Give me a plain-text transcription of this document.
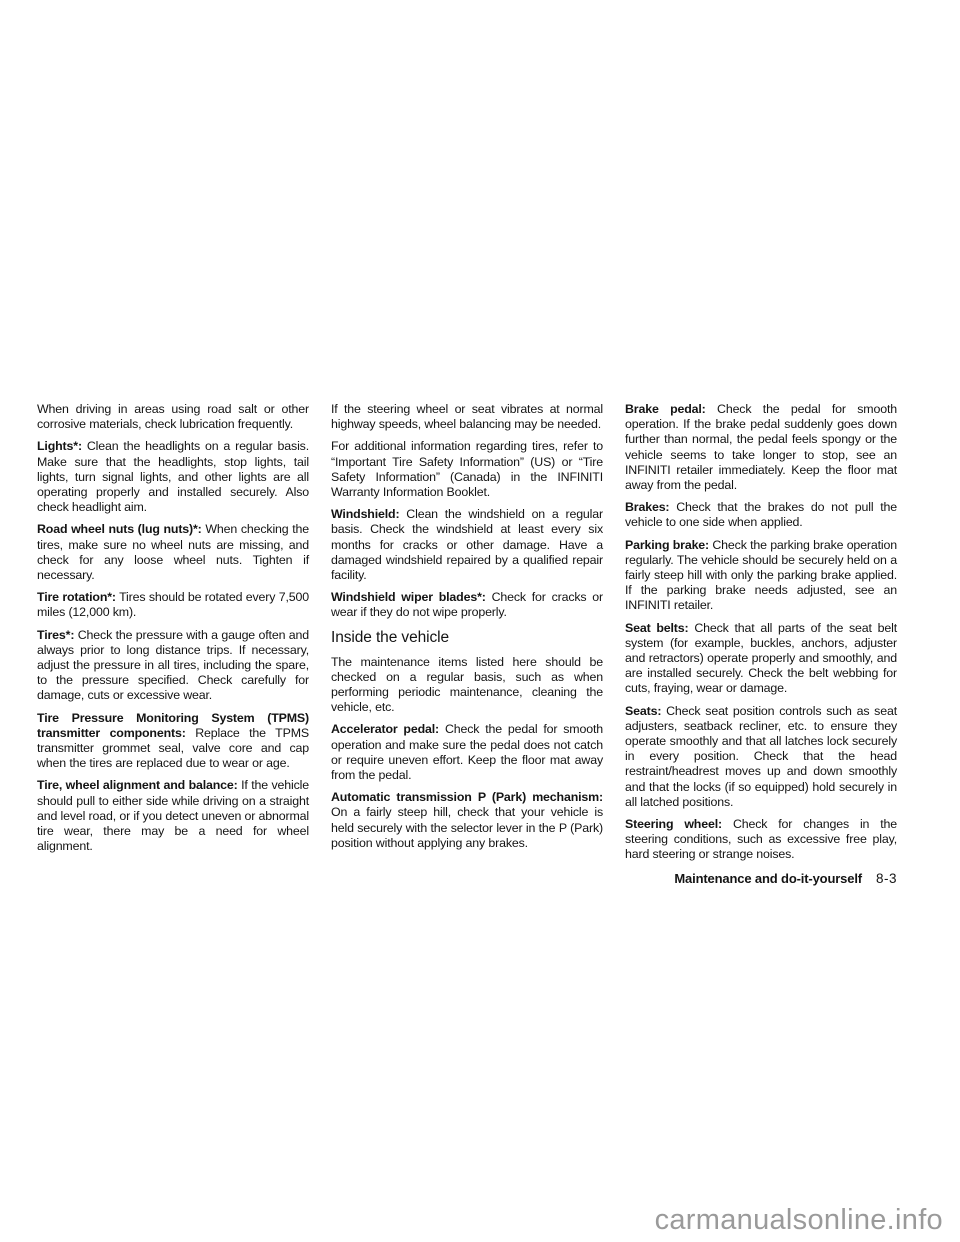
When driving in areas using road salt or other corrosive materials, check lubrication frequently.

Lights*: Clean the headlights on a regular basis. Make sure that the headlights, stop lights, tail lights, turn signal lights, and other lights are all operating properly and installed securely. Also check headlight aim.

Road wheel nuts (lug nuts)*: When checking the tires, make sure no wheel nuts are missing, and check for any loose wheel nuts. Tighten if necessary.

Tire rotation*: Tires should be rotated every 7,500 miles (12,000 km).

Tires*: Check the pressure with a gauge often and always prior to long distance trips. If necessary, adjust the pressure in all tires, including the spare, to the pressure specified. Check carefully for damage, cuts or excessive wear.

Tire Pressure Monitoring System (TPMS) transmitter components: Replace the TPMS transmitter grommet seal, valve core and cap when the tires are replaced due to wear or age.

Tire, wheel alignment and balance: If the vehicle should pull to either side while driving on a straight and level road, or if you detect uneven or abnormal tire wear, there may be a need for wheel alignment.

If the steering wheel or seat vibrates at normal highway speeds, wheel balancing may be needed.

For additional information regarding tires, refer to “Important Tire Safety Information” (US) or “Tire Safety Information” (Canada) in the INFINITI Warranty Information Booklet.

Windshield: Clean the windshield on a regular basis. Check the windshield at least every six months for cracks or other damage. Have a damaged windshield repaired by a qualified repair facility.

Windshield wiper blades*: Check for cracks or wear if they do not wipe properly.

Inside the vehicle

The maintenance items listed here should be checked on a regular basis, such as when performing periodic maintenance, cleaning the vehicle, etc.

Accelerator pedal: Check the pedal for smooth operation and make sure the pedal does not catch or require uneven effort. Keep the floor mat away from the pedal.

Automatic transmission P (Park) mechanism: On a fairly steep hill, check that your vehicle is held securely with the selector lever in the P (Park) position without applying any brakes.

Brake pedal: Check the pedal for smooth operation. If the brake pedal suddenly goes down further than normal, the pedal feels spongy or the vehicle seems to take longer to stop, see an INFINITI retailer immediately. Keep the floor mat away from the pedal.

Brakes: Check that the brakes do not pull the vehicle to one side when applied.

Parking brake: Check the parking brake operation regularly. The vehicle should be securely held on a fairly steep hill with only the parking brake applied. If the parking brake needs adjusted, see an INFINITI retailer.

Seat belts: Check that all parts of the seat belt system (for example, buckles, anchors, adjuster and retractors) operate properly and smoothly, and are installed securely. Check the belt webbing for cuts, fraying, wear or damage.

Seats: Check seat position controls such as seat adjusters, seatback recliner, etc. to ensure they operate smoothly and that all latches lock securely in every position. Check that the head restraint/headrest moves up and down smoothly and that the locks (if so equipped) hold securely in all latched positions.

Steering wheel: Check for changes in the steering conditions, such as excessive free play, hard steering or strange noises.

Maintenance and do-it-yourself 8-3
carmanualsonline.info
